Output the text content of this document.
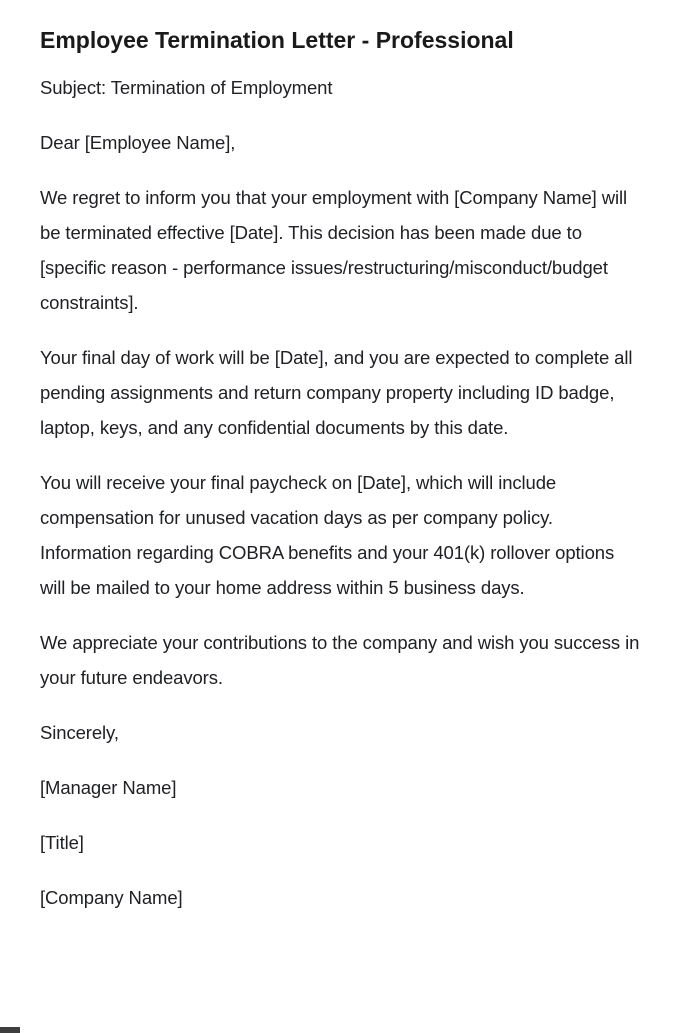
Employee Termination Letter - Professional

Subject: Termination of Employment

Dear [Employee Name],

We regret to inform you that your employment with [Company Name] will be terminated effective [Date]. This decision has been made due to [specific reason - performance issues/restructuring/misconduct/budget constraints].

Your final day of work will be [Date], and you are expected to complete all pending assignments and return company property including ID badge, laptop, keys, and any confidential documents by this date.

You will receive your final paycheck on [Date], which will include compensation for unused vacation days as per company policy. Information regarding COBRA benefits and your 401(k) rollover options will be mailed to your home address within 5 business days.

We appreciate your contributions to the company and wish you success in your future endeavors.

Sincerely,

[Manager Name]

[Title]

[Company Name]
